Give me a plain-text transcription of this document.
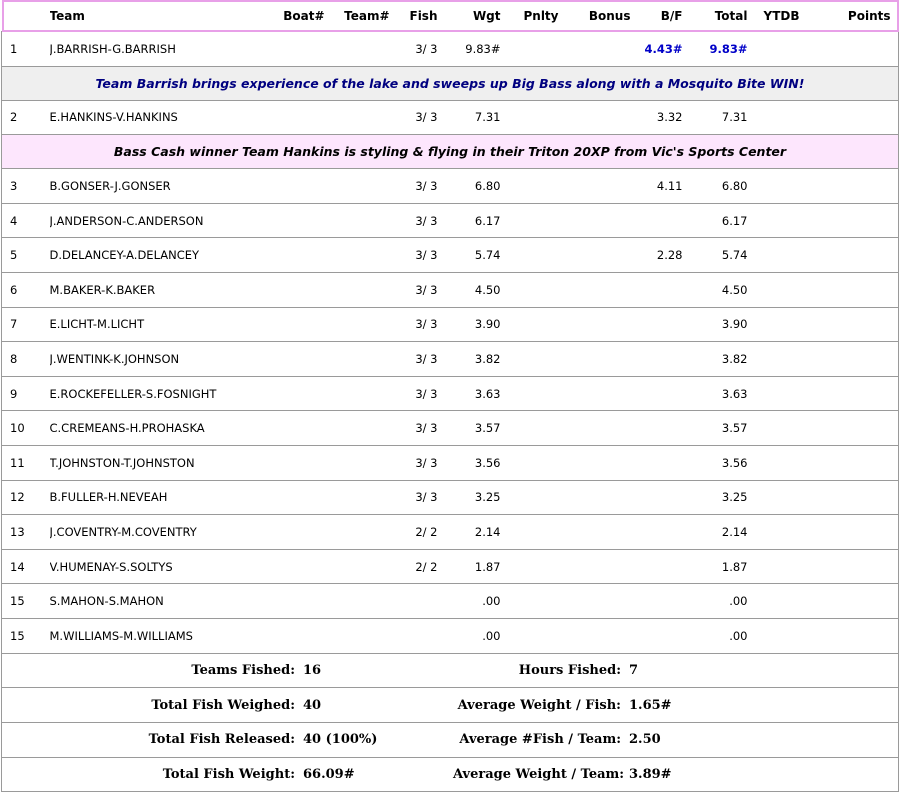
	Team	Boat#	Team#	Fish	Wgt	Pnlty	Bonus	B/F	Total	YTDB	Points
1	J.BARRISH-G.BARRISH			3/ 3	9.83#			4.43#	9.83#		
Team Barrish brings experience of the lake and sweeps up Big Bass along with a Mosquito Bite WIN!											
2	E.HANKINS-V.HANKINS			3/ 3	7.31			3.32	7.31		
Bass Cash winner Team Hankins is styling & flying in their Triton 20XP from Vic's Sports Center											
3	B.GONSER-J.GONSER			3/ 3	6.80			4.11	6.80		
4	J.ANDERSON-C.ANDERSON			3/ 3	6.17				6.17		
5	D.DELANCEY-A.DELANCEY			3/ 3	5.74			2.28	5.74		
6	M.BAKER-K.BAKER			3/ 3	4.50				4.50		
7	E.LICHT-M.LICHT			3/ 3	3.90				3.90		
8	J.WENTINK-K.JOHNSON			3/ 3	3.82				3.82		
9	E.ROCKEFELLER-S.FOSNIGHT			3/ 3	3.63				3.63		
10	C.CREMEANS-H.PROHASKA			3/ 3	3.57				3.57		
11	T.JOHNSTON-T.JOHNSTON			3/ 3	3.56				3.56		
12	B.FULLER-H.NEVEAH			3/ 3	3.25				3.25		
13	J.COVENTRY-M.COVENTRY			2/ 2	2.14				2.14		
14	V.HUMENAY-S.SOLTYS			2/ 2	1.87				1.87		
15	S.MAHON-S.MAHON				.00				.00		
15	M.WILLIAMS-M.WILLIAMS				.00				.00		

Teams Fished: 16 Hours Fished: 7											

Total Fish Weighed: 40 Average Weight / Fish: 1.65#											

Total Fish Released: 40 (100%) Average #Fish / Team: 2.50											

Total Fish Weight: 66.09# Average Weight / Team: 3.89#											
